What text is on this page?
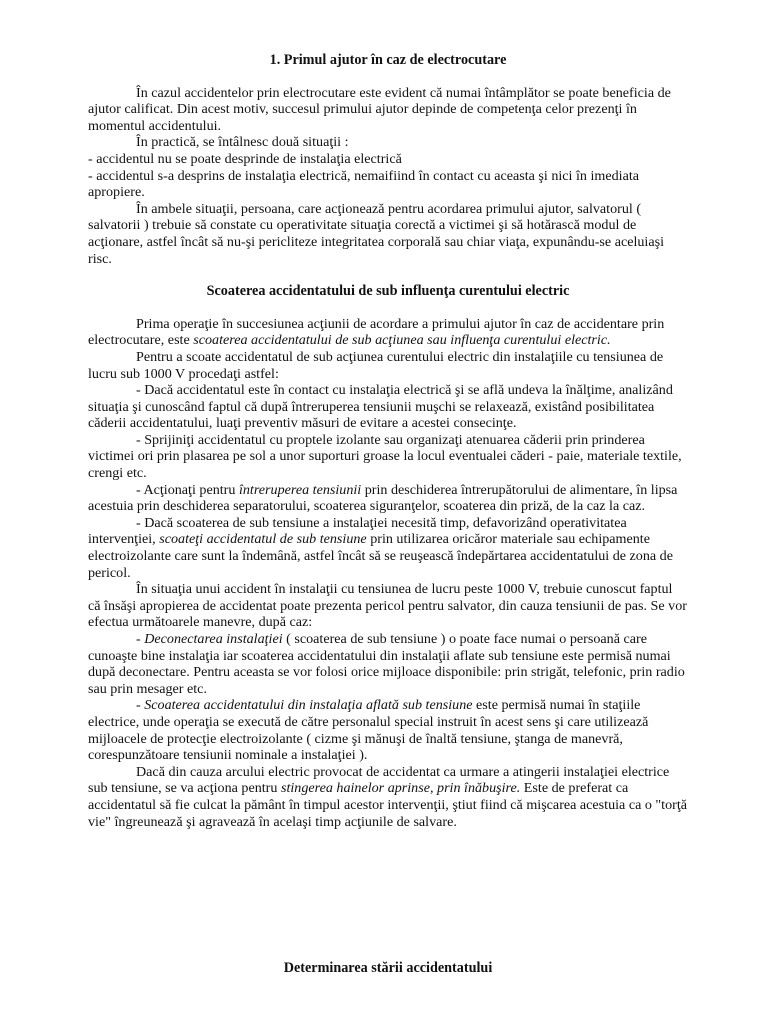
1. Primul ajutor în caz de electrocutare

În cazul accidentelor prin electrocutare este evident că numai întâmplător se poate beneficia de ajutor calificat. Din acest motiv, succesul primului ajutor depinde de competenţa celor prezenţi în momentul accidentului.

În practică, se întâlnesc două situaţii :

- accidentul nu se poate desprinde de instalaţia electrică

- accidentul s-a desprins de instalaţia electrică, nemaifiind în contact cu aceasta şi nici în imediata apropiere.

În ambele situaţii, persoana, care acţionează pentru acordarea primului ajutor, salvatorul ( salvatorii ) trebuie să constate cu operativitate situaţia corectă a victimei şi să hotărască modul de acţionare, astfel încât să nu-şi pericliteze integritatea corporală sau chiar viaţa, expunându-se aceluiaşi risc.

Scoaterea accidentatului de sub influenţa curentului electric

Prima operaţie în succesiunea acţiunii de acordare a primului ajutor în caz de accidentare prin electrocutare, este scoaterea accidentatului de sub acţiunea sau influenţa curentului electric.

Pentru a scoate accidentatul de sub acţiunea curentului electric din instalaţiile cu tensiunea de lucru sub 1000 V procedaţi astfel:

- Dacă accidentatul este în contact cu instalaţia electrică şi se află undeva la înălţime, analizând situaţia şi cunoscând faptul că după întreruperea tensiunii muşchi se relaxează, existând posibilitatea căderii accidentatului, luaţi preventiv măsuri de evitare a acestei consecinţe.

- Sprijiniţi accidentatul cu proptele izolante sau organizaţi atenuarea căderii prin prinderea victimei ori prin plasarea pe sol a unor suporturi groase la locul eventualei căderi - paie, materiale textile, crengi etc.

- Acţionaţi pentru întreruperea tensiunii prin deschiderea întrerupătorului de alimentare, în lipsa acestuia prin deschiderea separatorului, scoaterea siguranţelor, scoaterea din priză, de la caz la caz.

- Dacă scoaterea de sub tensiune a instalaţiei necesită timp, defavorizând operativitatea intervenţiei, scoateţi accidentatul de sub tensiune prin utilizarea oricăror materiale sau echipamente electroizolante care sunt la îndemână, astfel încât să se reuşească îndepărtarea accidentatului de zona de pericol.

În situaţia unui accident în instalaţii cu tensiunea de lucru peste 1000 V, trebuie cunoscut faptul că însăşi apropierea de accidentat poate prezenta pericol pentru salvator, din cauza tensiunii de pas. Se vor efectua următoarele manevre, după caz:

- Deconectarea instalaţiei ( scoaterea de sub tensiune ) o poate face numai o persoană care cunoaşte bine instalaţia iar scoaterea accidentatului din instalaţii aflate sub tensiune este permisă numai după deconectare. Pentru aceasta se vor folosi orice mijloace disponibile: prin strigăt, telefonic, prin radio sau prin mesager etc.

- Scoaterea accidentatului din instalaţia aflată sub tensiune este permisă numai în staţiile electrice, unde operaţia se execută de către personalul special instruit în acest sens şi care utilizează mijloacele de protecţie electroizolante ( cizme şi mănuşi de înaltă tensiune, ştanga de manevră, corespunzătoare tensiunii nominale a instalaţiei ).

Dacă din cauza arcului electric provocat de accidentat ca urmare a atingerii instalaţiei electrice sub tensiune, se va acţiona pentru stingerea hainelor aprinse, prin înăbuşire. Este de preferat ca accidentatul să fie culcat la pământ în timpul acestor intervenţii, ştiut fiind că mişcarea acestuia ca o "torţă vie" îngreunează şi agravează în acelaşi timp acţiunile de salvare.

Determinarea stării accidentatului
